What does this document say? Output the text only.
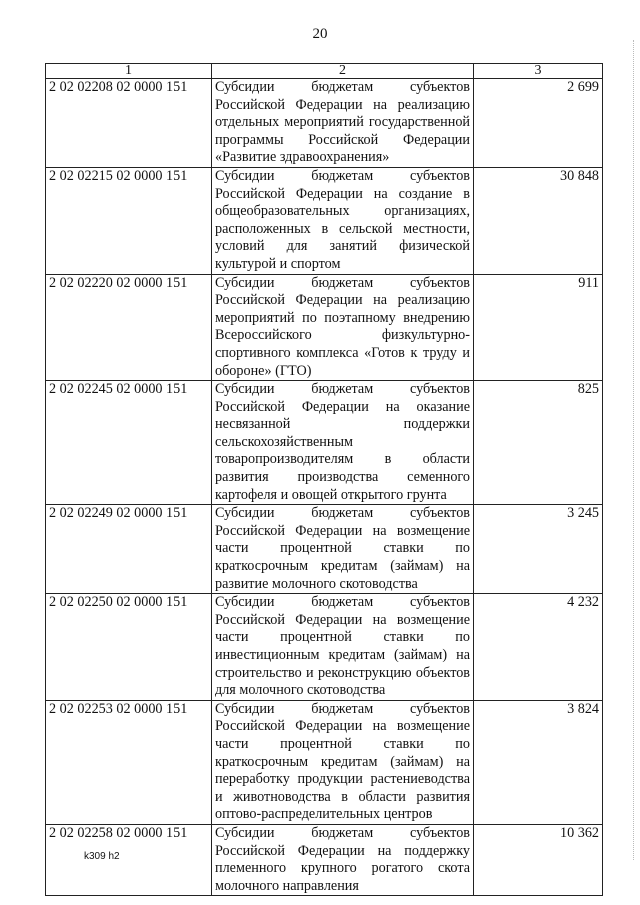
20
1	2	3
2 02 02208 02 0000 151	Субсидии бюджетам субъектов Российской Федерации на реализацию отдельных мероприятий государственной программы Российской Федерации «Развитие здравоохранения»	2 699
2 02 02215 02 0000 151	Субсидии бюджетам субъектов Российской Федерации на создание в общеобразовательных организациях, расположенных в сельской местности, условий для занятий физической культурой и спортом	30 848
2 02 02220 02 0000 151	Субсидии бюджетам субъектов Российской Федерации на реализацию мероприятий по поэтапному внедрению Всероссийского физкультурно-спортивного комплекса «Готов к труду и обороне» (ГТО)	911
2 02 02245 02 0000 151	Субсидии бюджетам субъектов Российской Федерации на оказание несвязанной поддержки сельскохозяйственным товаропроизводителям в области развития производства семенного картофеля и овощей открытого грунта	825
2 02 02249 02 0000 151	Субсидии бюджетам субъектов Российской Федерации на возмещение части процентной ставки по краткосрочным кредитам (займам) на развитие молочного скотоводства	3 245
2 02 02250 02 0000 151	Субсидии бюджетам субъектов Российской Федерации на возмещение части процентной ставки по инвестиционным кредитам (займам) на строительство и реконструкцию объектов для молочного скотоводства	4 232
2 02 02253 02 0000 151	Субсидии бюджетам субъектов Российской Федерации на возмещение части процентной ставки по краткосрочным кредитам (займам) на переработку продукции растениеводства и животноводства в области развития оптово-распределительных центров	3 824
2 02 02258 02 0000 151	Субсидии бюджетам субъектов Российской Федерации на поддержку племенного крупного рогатого скота молочного направления	10 362
k309 h2
